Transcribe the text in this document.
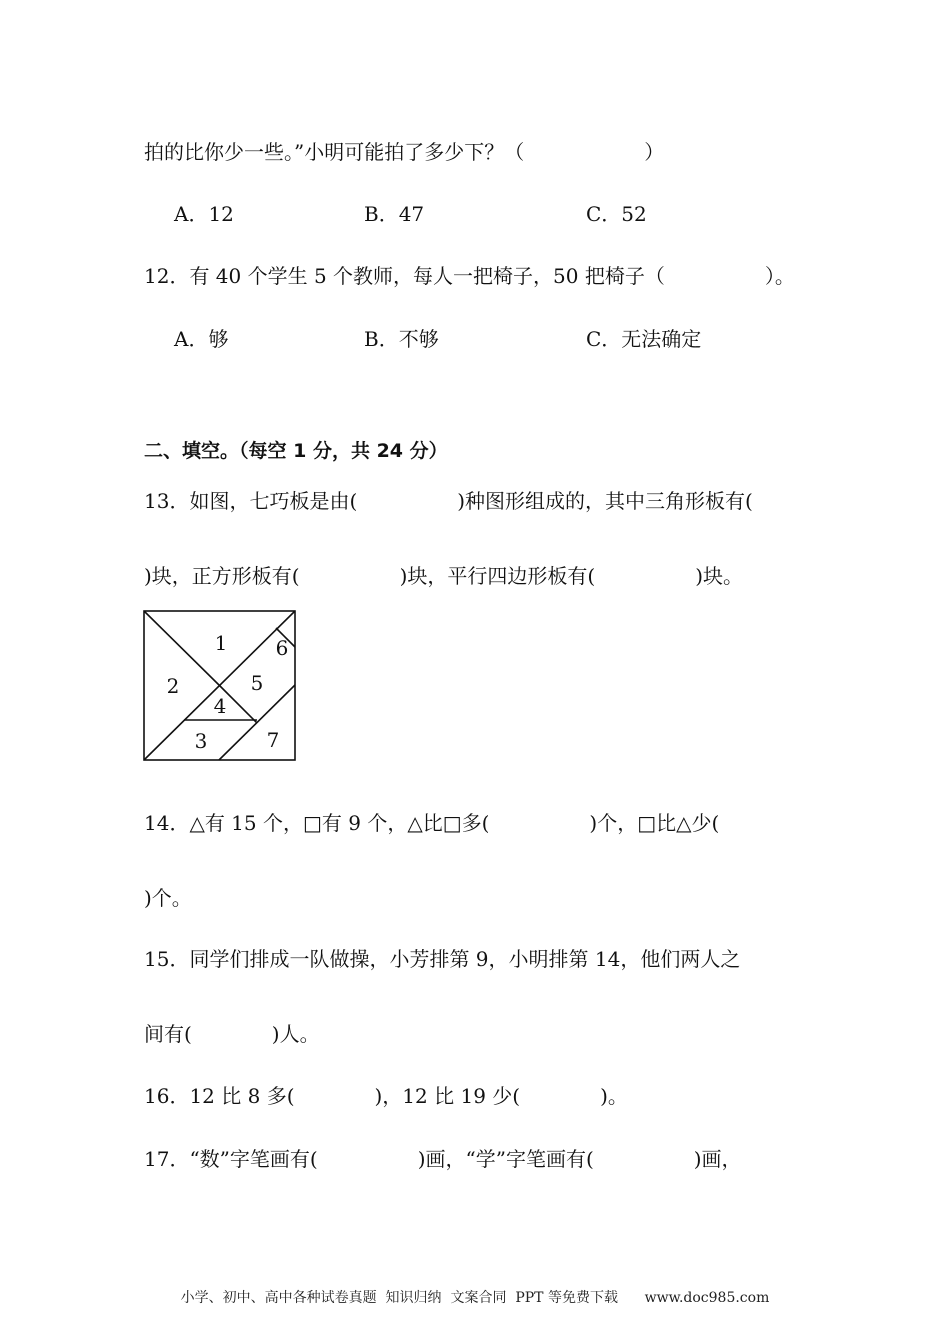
拍的比你少一些。”小明可能拍了多少下？（　　　　　　）
A．12	B．47	C．52
12．有 40 个学生 5 个教师，每人一把椅子，50 把椅子（　　　　　）。
A．够	B．不够	C．无法确定
二、填空。（每空 1 分，共 24 分）
13．如图，七巧板是由(　　　　　)种图形组成的，其中三角形板有(
)块，正方形板有(　　　　　)块，平行四边形板有(　　　　　)块。
1
2
3
4
5
6
7
14．△有 15 个，□有 9 个，△比□多(　　　　　)个，□比△少(
)个。
15．同学们排成一队做操，小芳排第 9，小明排第 14，他们两人之
间有(　　　　)人。
16．12 比 8 多(　　　　)，12 比 19 少(　　　　)。
17．“数”字笔画有(　　　　　)画，“学”字笔画有(　　　　　)画，
小学、初中、高中各种试卷真题  知识归纳  文案合同  PPT 等免费下载      www.doc985.com
